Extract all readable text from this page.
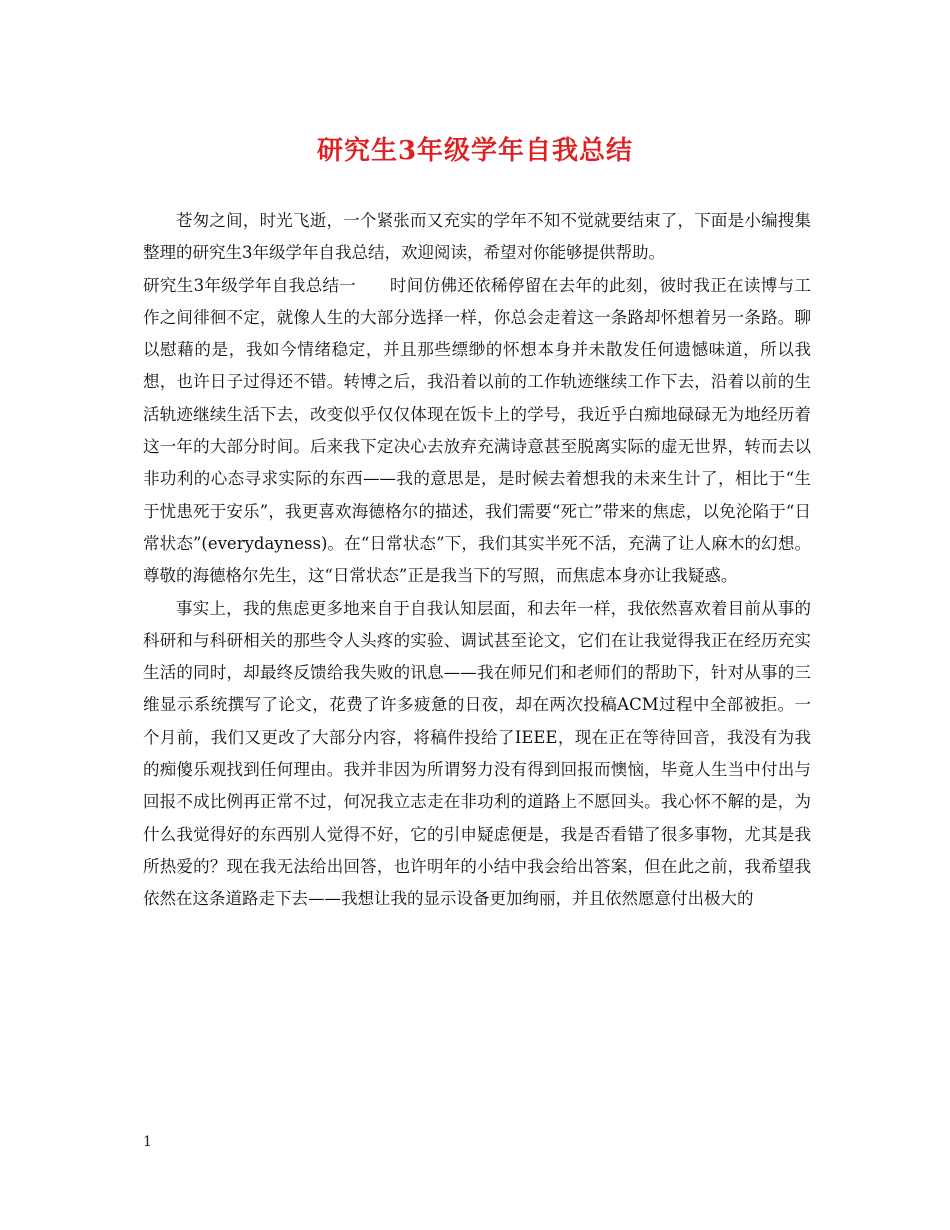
研究生3年级学年自我总结

苍匆之间，时光飞逝，一个紧张而又充实的学年不知不觉就要结束了，下面是小编搜集整理的研究生3年级学年自我总结，欢迎阅读，希望对你能够提供帮助。

研究生3年级学年自我总结一　　时间仿佛还依稀停留在去年的此刻，彼时我正在读博与工作之间徘徊不定，就像人生的大部分选择一样，你总会走着这一条路却怀想着另一条路。聊以慰藉的是，我如今情绪稳定，并且那些缥缈的怀想本身并未散发任何遗憾味道，所以我想，也许日子过得还不错。转博之后，我沿着以前的工作轨迹继续工作下去，沿着以前的生活轨迹继续生活下去，改变似乎仅仅体现在饭卡上的学号，我近乎白痴地碌碌无为地经历着这一年的大部分时间。后来我下定决心去放弃充满诗意甚至脱离实际的虚无世界，转而去以非功利的心态寻求实际的东西——我的意思是，是时候去着想我的未来生计了，相比于“生于忧患死于安乐”，我更喜欢海德格尔的描述，我们需要“死亡”带来的焦虑，以免沦陷于“日常状态”(everydayness)。在“日常状态”下，我们其实半死不活，充满了让人麻木的幻想。尊敬的海德格尔先生，这“日常状态”正是我当下的写照，而焦虑本身亦让我疑惑。

事实上，我的焦虑更多地来自于自我认知层面，和去年一样，我依然喜欢着目前从事的科研和与科研相关的那些令人头疼的实验、调试甚至论文，它们在让我觉得我正在经历充实生活的同时，却最终反馈给我失败的讯息——我在师兄们和老师们的帮助下，针对从事的三维显示系统撰写了论文，花费了许多疲惫的日夜，却在两次投稿ACM过程中全部被拒。一个月前，我们又更改了大部分内容，将稿件投给了IEEE，现在正在等待回音，我没有为我的痴傻乐观找到任何理由。我并非因为所谓努力没有得到回报而懊恼，毕竟人生当中付出与回报不成比例再正常不过，何况我立志走在非功利的道路上不愿回头。我心怀不解的是，为什么我觉得好的东西别人觉得不好，它的引申疑虑便是，我是否看错了很多事物，尤其是我所热爱的？现在我无法给出回答，也许明年的小结中我会给出答案，但在此之前，我希望我依然在这条道路走下去——我想让我的显示设备更加绚丽，并且依然愿意付出极大的

1
